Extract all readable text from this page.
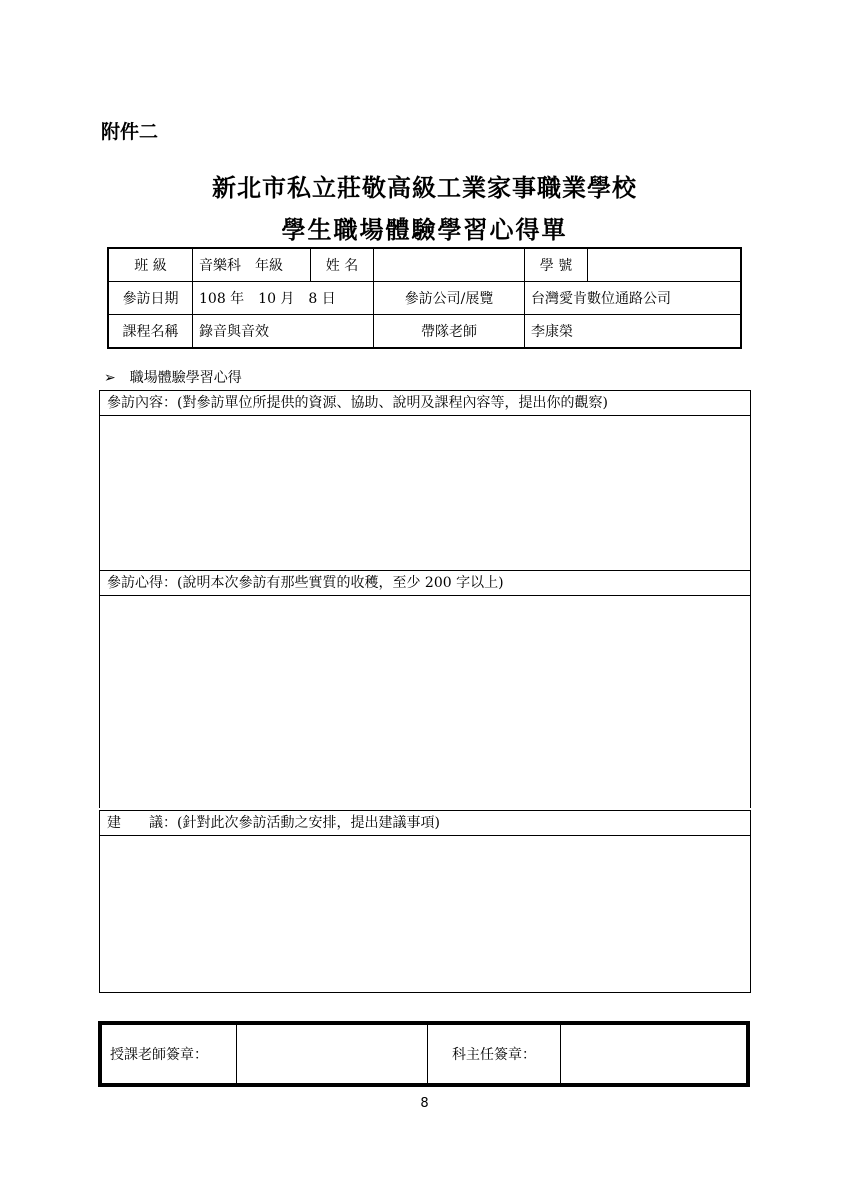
附件二
新北市私立莊敬高級工業家事職業學校
學生職場體驗學習心得單
班 級	音樂科　年級	姓 名		學 號	
參訪日期	108 年　10 月　8 日		參訪公司/展覽	台灣愛肯數位通路公司	
課程名稱	錄音與音效		帶隊老師	李康榮	
➢ 職場體驗學習心得
參訪內容：(對參訪單位所提供的資源、協助、說明及課程內容等，提出你的觀察)
參訪心得：(說明本次參訪有那些實質的收穫，至少 200 字以上)
建　　議：(針對此次參訪活動之安排，提出建議事項)
授課老師簽章：		科主任簽章：	
8
